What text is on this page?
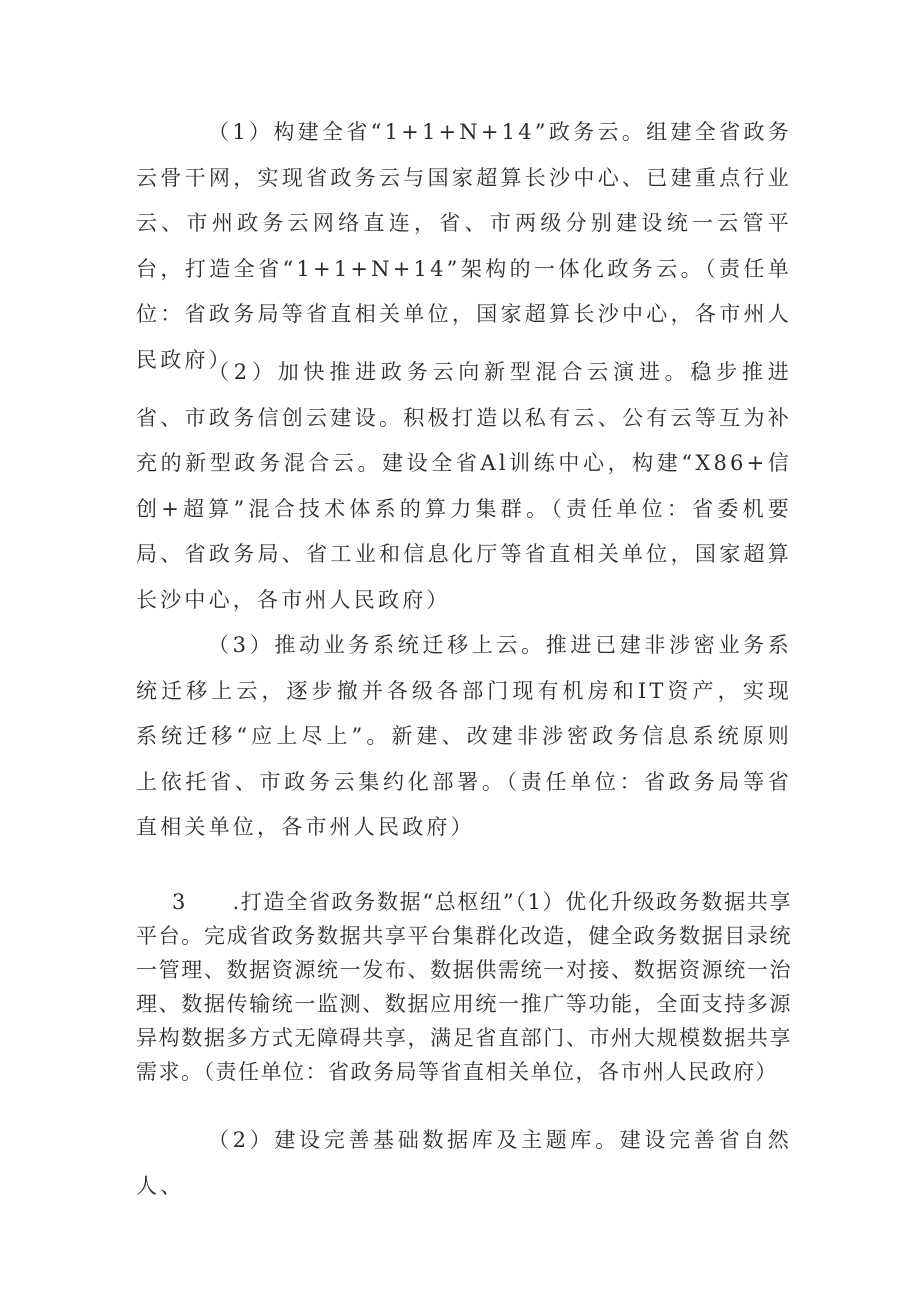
（1）构建全省“1+1+N+14”政务云。组建全省政务云骨干网，实现省政务云与国家超算长沙中心、已建重点行业云、市州政务云网络直连，省、市两级分别建设统一云管平台，打造全省“1+1+N+14”架构的一体化政务云。（责任单位：省政务局等省直相关单位，国家超算长沙中心，各市州人民政府）

（2）加快推进政务云向新型混合云演进。稳步推进省、市政务信创云建设。积极打造以私有云、公有云等互为补充的新型政务混合云。建设全省Al训练中心，构建“X86+信创+超算”混合技术体系的算力集群。（责任单位：省委机要局、省政务局、省工业和信息化厅等省直相关单位，国家超算长沙中心，各市州人民政府）

（3）推动业务系统迁移上云。推进已建非涉密业务系统迁移上云，逐步撤并各级各部门现有机房和IT资产，实现系统迁移“应上尽上”。新建、改建非涉密政务信息系统原则上依托省、市政务云集约化部署。（责任单位：省政务局等省直相关单位，各市州人民政府）

3　　.打造全省政务数据“总枢纽”（1）优化升级政务数据共享平台。完成省政务数据共享平台集群化改造，健全政务数据目录统一管理、数据资源统一发布、数据供需统一对接、数据资源统一治理、数据传输统一监测、数据应用统一推广等功能，全面支持多源异构数据多方式无障碍共享，满足省直部门、市州大规模数据共享需求。（责任单位：省政务局等省直相关单位，各市州人民政府）

（2）建设完善基础数据库及主题库。建设完善省自然人、
